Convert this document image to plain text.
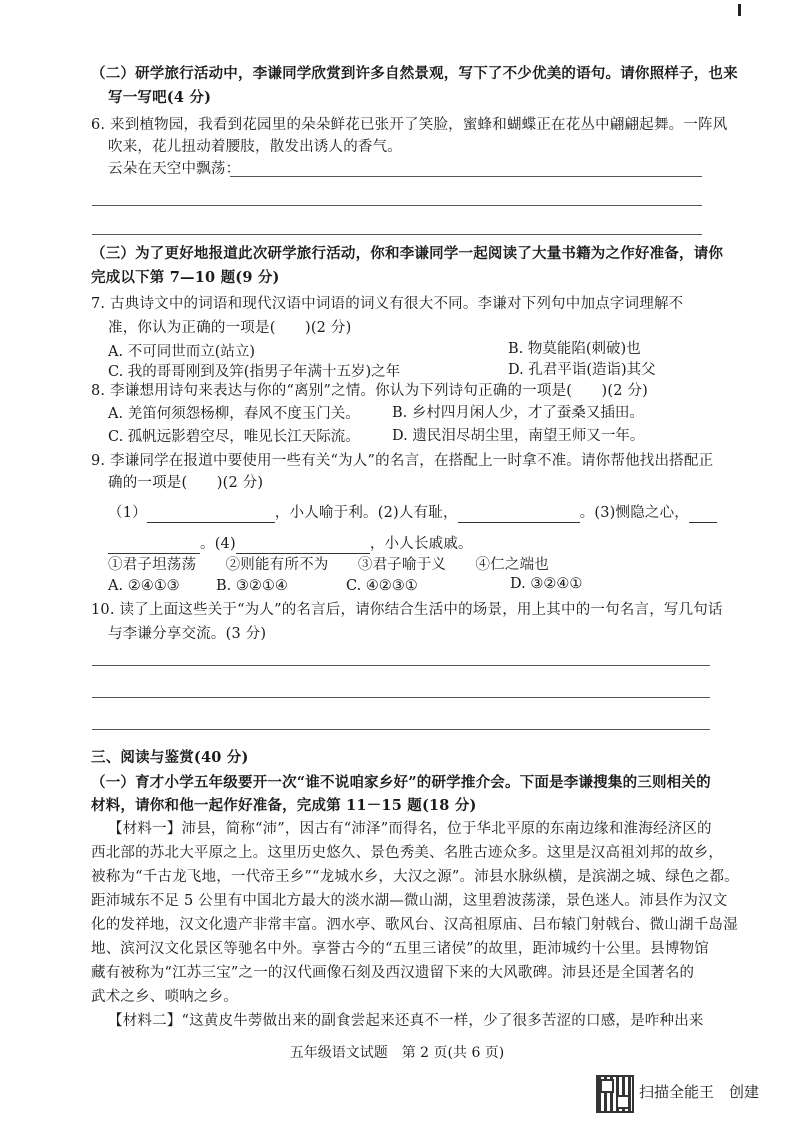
（二）研学旅行活动中，李谦同学欣赏到许多自然景观，写下了不少优美的语句。请你照样子，也来
写一写吧(4 分)
6. 来到植物园，我看到花园里的朵朵鲜花已张开了笑脸，蜜蜂和蝴蝶正在花丛中翩翩起舞。一阵风
吹来，花儿扭动着腰肢，散发出诱人的香气。
云朵在天空中飘荡：
（三）为了更好地报道此次研学旅行活动，你和李谦同学一起阅读了大量书籍为之作好准备，请你
完成以下第 7—10 题(9 分)
7. 古典诗文中的词语和现代汉语中词语的词义有很大不同。李谦对下列句中加点字词理解不
准，你认为正确的一项是(　　)(2 分)
A. 不可同世而立(站立)	B. 物莫能陷(刺破)也
C. 我的哥哥刚到及笄(指男子年满十五岁)之年	D. 孔君平诣(造诣)其父
8. 李谦想用诗句来表达与你的“离别”之情。你认为下列诗句正确的一项是(　　)(2 分)
A. 羌笛何须怨杨柳，春风不度玉门关。 B. 乡村四月闲人少，才了蚕桑又插田。
C. 孤帆远影碧空尽，唯见长江天际流。 D. 遗民泪尽胡尘里，南望王师又一年。
9. 李谦同学在报道中要使用一些有关“为人”的名言，在搭配上一时拿不准。请你帮他找出搭配正
确的一项是(　　)(2 分)
（1）	，小人喻于利。(2)人有耻，	。(3)恻隐之心，
。(4)	，小人长戚戚。
①君子坦荡荡　　②则能有所不为　　③君子喻于义　　④仁之端也
A. ②④①③	B. ③②①④	C. ④②③①	D. ③②④①
10. 读了上面这些关于“为人”的名言后，请你结合生活中的场景，用上其中的一句名言，写几句话
与李谦分享交流。(3 分)
三、阅读与鉴赏(40 分)
（一）育才小学五年级要开一次“谁不说咱家乡好”的研学推介会。下面是李谦搜集的三则相关的
材料，请你和他一起作好准备，完成第 11－15 题(18 分)
【材料一】沛县，简称“沛”，因古有“沛泽”而得名，位于华北平原的东南边缘和淮海经济区的
西北部的苏北大平原之上。这里历史悠久、景色秀美、名胜古迹众多。这里是汉高祖刘邦的故乡，
被称为“千古龙飞地，一代帝王乡”“龙城水乡，大汉之源”。沛县水脉纵横，是滨湖之城、绿色之都。
距沛城东不足 5 公里有中国北方最大的淡水湖—微山湖，这里碧波荡漾，景色迷人。沛县作为汉文
化的发祥地，汉文化遗产非常丰富。泗水亭、歌风台、汉高祖原庙、吕布辕门射戟台、微山湖千岛湿
地、滨河汉文化景区等驰名中外。享誉古今的“五里三诸侯”的故里，距沛城约十公里。县博物馆
藏有被称为“江苏三宝”之一的汉代画像石刻及西汉遗留下来的大风歌碑。沛县还是全国著名的
武术之乡、唢呐之乡。
【材料二】“这黄皮牛蒡做出来的副食尝起来还真不一样，少了很多苦涩的口感，是咋种出来
五年级语文试题　第 2 页(共 6 页)
扫描全能王　创建
